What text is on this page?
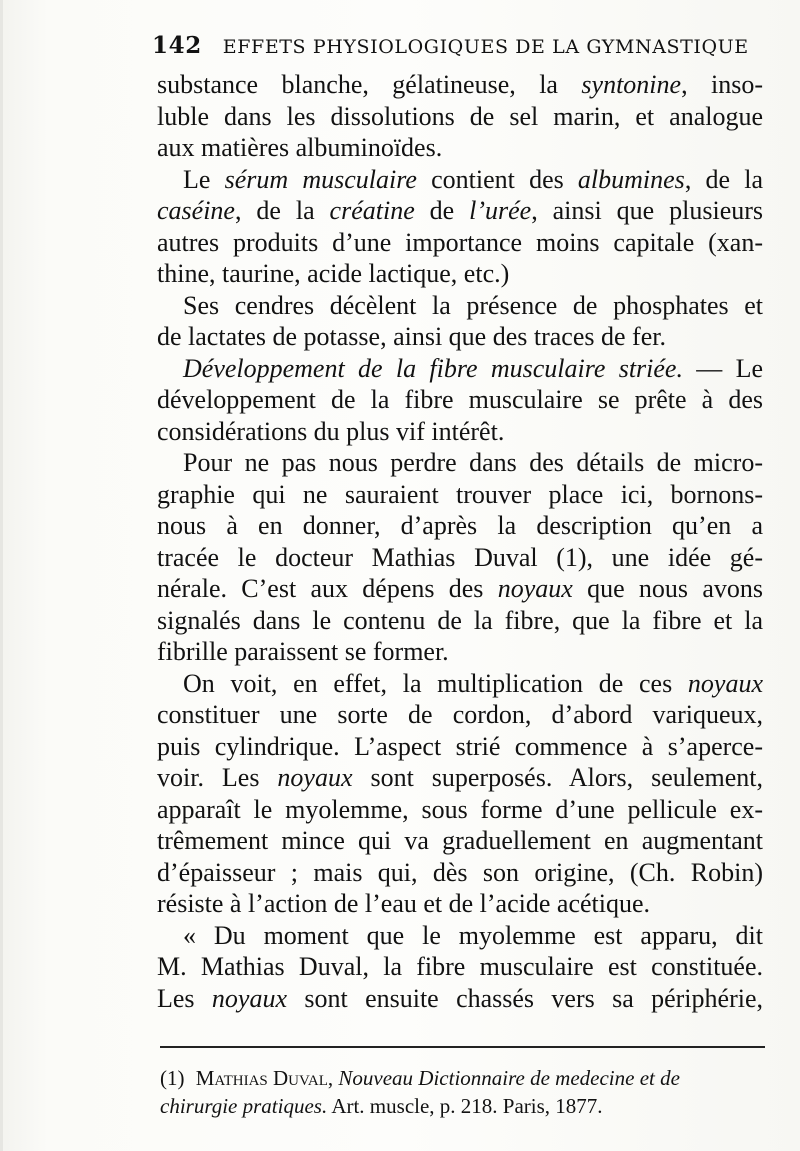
142 EFFETS PHYSIOLOGIQUES DE LA GYMNASTIQUE
substance blanche, gélatineuse, la syntonine, inso-
luble dans les dissolutions de sel marin, et analogue
aux matières albuminoïdes.
Le sérum musculaire contient des albumines, de la
caséine, de la créatine de l’urée, ainsi que plusieurs
autres produits d’une importance moins capitale (xan-
thine, taurine, acide lactique, etc.)
Ses cendres décèlent la présence de phosphates et
de lactates de potasse, ainsi que des traces de fer.
Développement de la fibre musculaire striée. — Le
développement de la fibre musculaire se prête à des
considérations du plus vif intérêt.
Pour ne pas nous perdre dans des détails de micro-
graphie qui ne sauraient trouver place ici, bornons-
nous à en donner, d’après la description qu’en a
tracée le docteur Mathias Duval (1), une idée gé-
nérale. C’est aux dépens des noyaux que nous avons
signalés dans le contenu de la fibre, que la fibre et la
fibrille paraissent se former.
On voit, en effet, la multiplication de ces noyaux
constituer une sorte de cordon, d’abord variqueux,
puis cylindrique. L’aspect strié commence à s’aperce-
voir. Les noyaux sont superposés. Alors, seulement,
apparaît le myolemme, sous forme d’une pellicule ex-
trêmement mince qui va graduellement en augmentant
d’épaisseur ; mais qui, dès son origine, (Ch. Robin)
résiste à l’action de l’eau et de l’acide acétique.
« Du moment que le myolemme est apparu, dit
M. Mathias Duval, la fibre musculaire est constituée.
Les noyaux sont ensuite chassés vers sa périphérie,
(1) Mathias Duval, Nouveau Dictionnaire de medecine et de
chirurgie pratiques. Art. muscle, p. 218. Paris, 1877.
